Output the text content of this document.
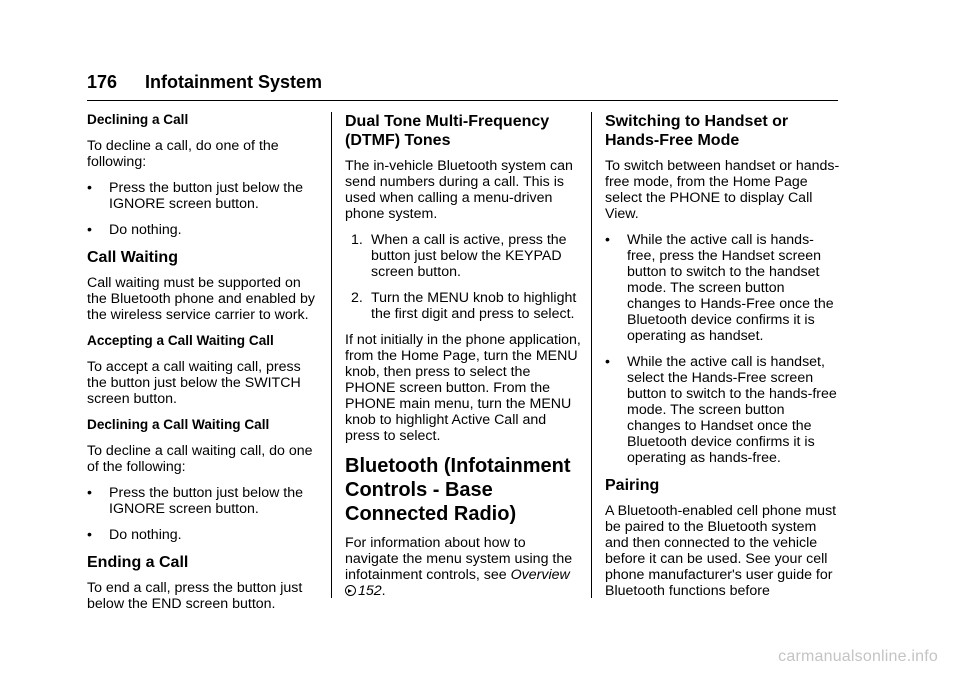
176 Infotainment System
Declining a Call

To decline a call, do one of the following:

• Press the button just below the IGNORE screen button.
• Do nothing.
Call Waiting

Call waiting must be supported on the Bluetooth phone and enabled by the wireless service carrier to work.

Accepting a Call Waiting Call

To accept a call waiting call, press the button just below the SWITCH screen button.

Declining a Call Waiting Call

To decline a call waiting call, do one of the following:

• Press the button just below the IGNORE screen button.
• Do nothing.
Ending a Call

To end a call, press the button just below the END screen button.

Dual Tone Multi-Frequency (DTMF) Tones

The in-vehicle Bluetooth system can send numbers during a call. This is used when calling a menu-driven phone system.

1. When a call is active, press the button just below the KEYPAD screen button.
2. Turn the MENU knob to highlight the first digit and press to select.

If not initially in the phone application, from the Home Page, turn the MENU knob, then press to select the PHONE screen button. From the PHONE main menu, turn the MENU knob to highlight Active Call and press to select.

Bluetooth (Infotainment Controls - Base Connected Radio)

For information about how to navigate the menu system using the infotainment controls, see Overview
152.

Switching to Handset or Hands-Free Mode

To switch between handset or hands-free mode, from the Home Page select the PHONE to display Call View.

• While the active call is hands-free, press the Handset screen button to switch to the handset mode. The screen button changes to Hands-Free once the Bluetooth device confirms it is operating as handset.
• While the active call is handset, select the Hands-Free screen button to switch to the hands-free mode. The screen button changes to Handset once the Bluetooth device confirms it is operating as hands-free.
Pairing

A Bluetooth-enabled cell phone must be paired to the Bluetooth system and then connected to the vehicle before it can be used. See your cell phone manufacturer's user guide for Bluetooth functions before

carmanualsonline.info
